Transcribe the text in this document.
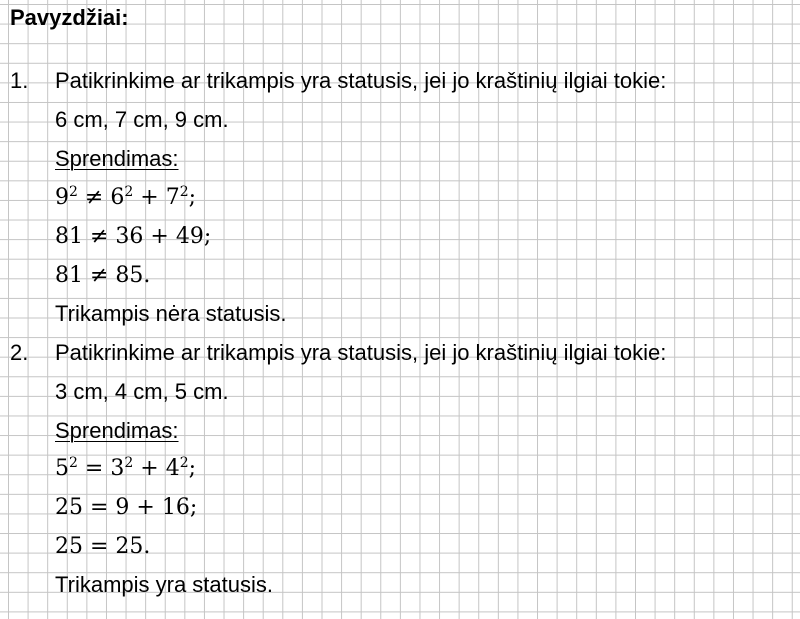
Pavyzdžiai:
1. Patikrinkime ar trikampis yra statusis, jei jo kraštinių ilgiai tokie:
6 cm, 7 cm, 9 cm.
Sprendimas:
$9^2 \ne 6^2 + 7^2$;
81 ≠ 36 + 49;
81 ≠ 85.
Trikampis nėra statusis.
2. Patikrinkime ar trikampis yra statusis, jei jo kraštinių ilgiai tokie:
3 cm, 4 cm, 5 cm.
Sprendimas:
$5^2 = 3^2 + 4^2$;
25 = 9 + 16;
25 = 25.
Trikampis yra statusis.
